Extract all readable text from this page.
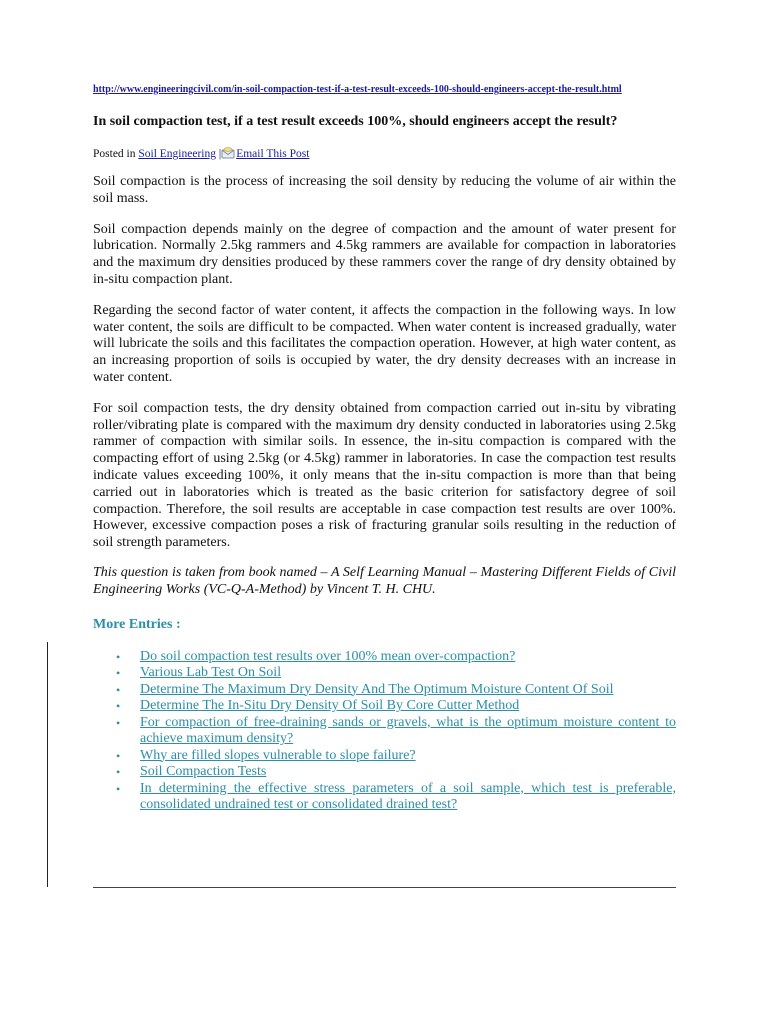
http://www.engineeringcivil.com/in-soil-compaction-test-if-a-test-result-exceeds-100-should-engineers-accept-the-result.html
In soil compaction test, if a test result exceeds 100%, should engineers accept the result?
Posted in Soil Engineering | Email This Post

Soil compaction is the process of increasing the soil density by reducing the volume of air within the soil mass.

Soil compaction depends mainly on the degree of compaction and the amount of water present for lubrication. Normally 2.5kg rammers and 4.5kg rammers are available for compaction in laboratories and the maximum dry densities produced by these rammers cover the range of dry density obtained by in-situ compaction plant.

Regarding the second factor of water content, it affects the compaction in the following ways. In low water content, the soils are difficult to be compacted. When water content is increased gradually, water will lubricate the soils and this facilitates the compaction operation. However, at high water content, as an increasing proportion of soils is occupied by water, the dry density decreases with an increase in water content.

For soil compaction tests, the dry density obtained from compaction carried out in-situ by vibrating roller/vibrating plate is compared with the maximum dry density conducted in laboratories using 2.5kg rammer of compaction with similar soils. In essence, the in-situ compaction is compared with the compacting effort of using 2.5kg (or 4.5kg) rammer in laboratories. In case the compaction test results indicate values exceeding 100%, it only means that the in-situ compaction is more than that being carried out in laboratories which is treated as the basic criterion for satisfactory degree of soil compaction. Therefore, the soil results are acceptable in case compaction test results are over 100%. However, excessive compaction poses a risk of fracturing granular soils resulting in the reduction of soil strength parameters.

This question is taken from book named – A Self Learning Manual – Mastering Different Fields of Civil Engineering Works (VC-Q-A-Method) by Vincent T. H. CHU.

More Entries :
• Do soil compaction test results over 100% mean over-compaction?
• Various Lab Test On Soil
• Determine The Maximum Dry Density And The Optimum Moisture Content Of Soil
• Determine The In-Situ Dry Density Of Soil By Core Cutter Method
• For compaction of free-draining sands or gravels, what is the optimum moisture content to achieve maximum density?
• Why are filled slopes vulnerable to slope failure?
• Soil Compaction Tests
• In determining the effective stress parameters of a soil sample, which test is preferable, consolidated undrained test or consolidated drained test?
